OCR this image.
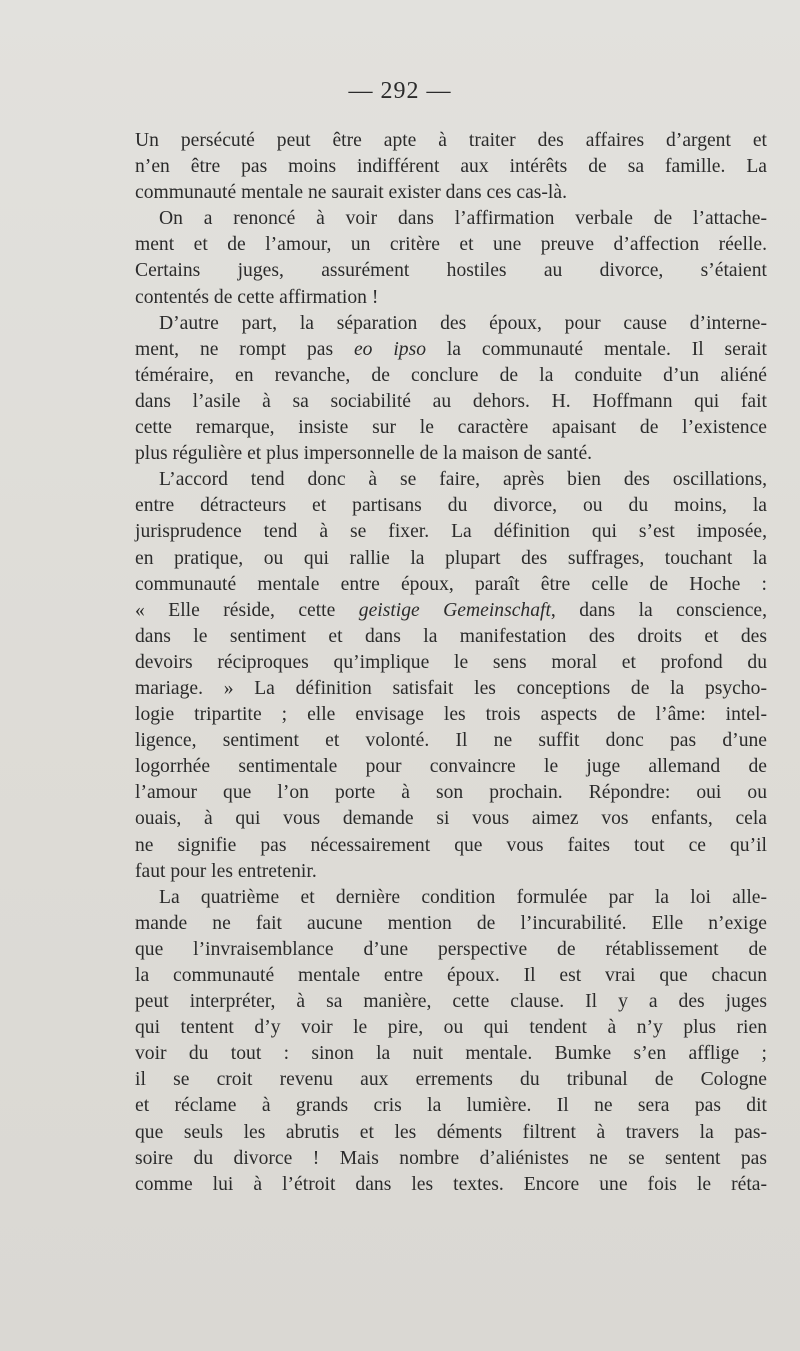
— 292 —
Un persécuté peut être apte à traiter des affaires d’argent et
n’en être pas moins indifférent aux intérêts de sa famille. La
communauté mentale ne saurait exister dans ces cas-là.
On a renoncé à voir dans l’affirmation verbale de l’attache-
ment et de l’amour, un critère et une preuve d’affection réelle.
Certains juges, assurément hostiles au divorce, s’étaient
contentés de cette affirmation !
D’autre part, la séparation des époux, pour cause d’interne-
ment, ne rompt pas eo ipso la communauté mentale. Il serait
téméraire, en revanche, de conclure de la conduite d’un aliéné
dans l’asile à sa sociabilité au dehors. H. Hoffmann qui fait
cette remarque, insiste sur le caractère apaisant de l’existence
plus régulière et plus impersonnelle de la maison de santé.
L’accord tend donc à se faire, après bien des oscillations,
entre détracteurs et partisans du divorce, ou du moins, la
jurisprudence tend à se fixer. La définition qui s’est imposée,
en pratique, ou qui rallie la plupart des suffrages, touchant la
communauté mentale entre époux, paraît être celle de Hoche :
« Elle réside, cette geistige Gemeinschaft, dans la conscience,
dans le sentiment et dans la manifestation des droits et des
devoirs réciproques qu’implique le sens moral et profond du
mariage. » La définition satisfait les conceptions de la psycho-
logie tripartite ; elle envisage les trois aspects de l’âme: intel-
ligence, sentiment et volonté. Il ne suffit donc pas d’une
logorrhée sentimentale pour convaincre le juge allemand de
l’amour que l’on porte à son prochain. Répondre: oui ou
ouais, à qui vous demande si vous aimez vos enfants, cela
ne signifie pas nécessairement que vous faites tout ce qu’il
faut pour les entretenir.
La quatrième et dernière condition formulée par la loi alle-
mande ne fait aucune mention de l’incurabilité. Elle n’exige
que l’invraisemblance d’une perspective de rétablissement de
la communauté mentale entre époux. Il est vrai que chacun
peut interpréter, à sa manière, cette clause. Il y a des juges
qui tentent d’y voir le pire, ou qui tendent à n’y plus rien
voir du tout : sinon la nuit mentale. Bumke s’en afflige ;
il se croit revenu aux errements du tribunal de Cologne
et réclame à grands cris la lumière. Il ne sera pas dit
que seuls les abrutis et les déments filtrent à travers la pas-
soire du divorce ! Mais nombre d’aliénistes ne se sentent pas
comme lui à l’étroit dans les textes. Encore une fois le réta-
